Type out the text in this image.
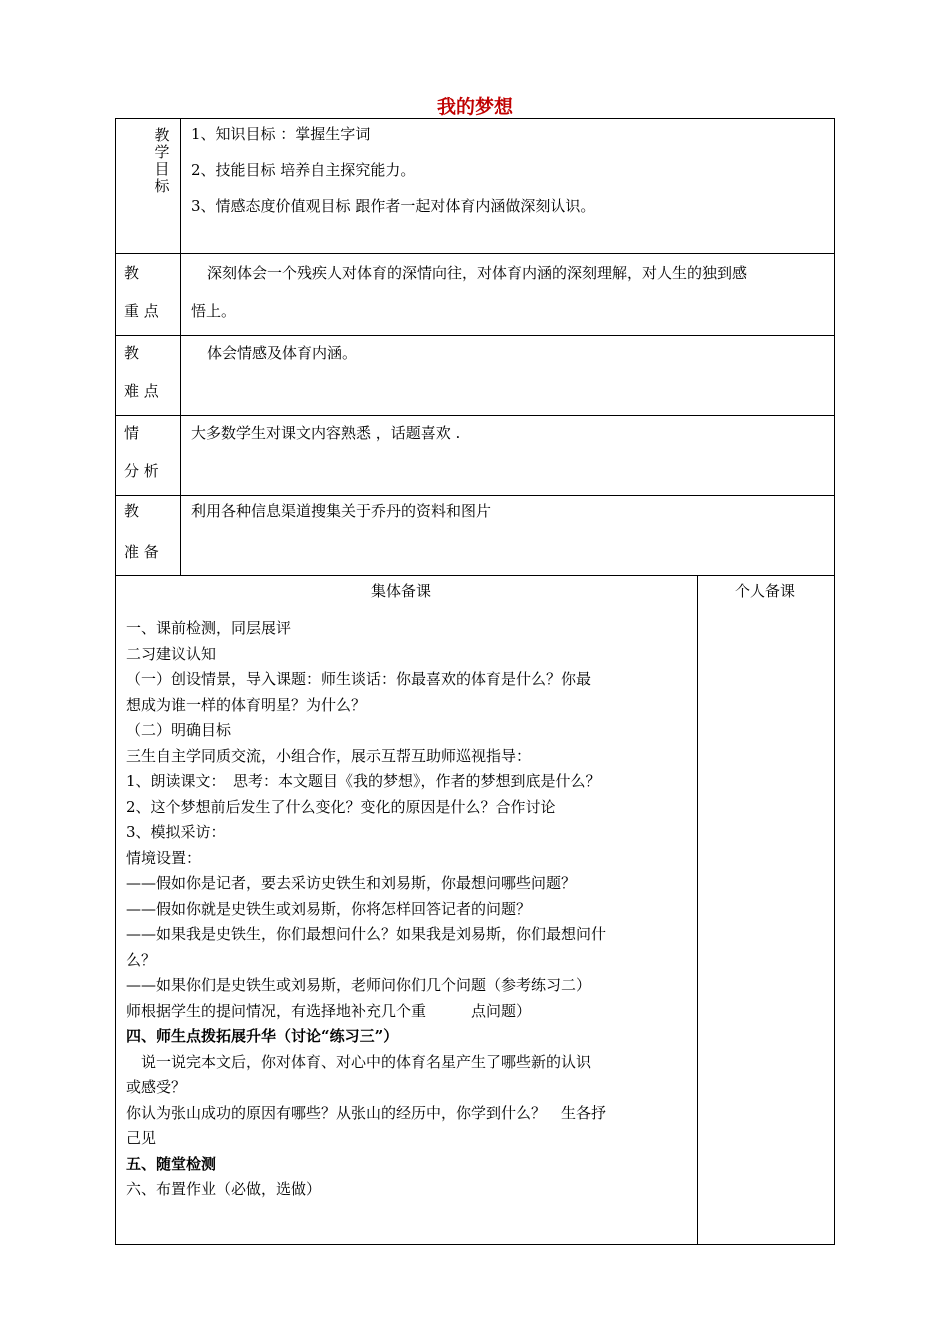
我的梦想
教学目标
1、知识目标 ：掌握生字词
2、技能目标 培养自主探究能力。
3、情感态度价值观目标 跟作者一起对体育内涵做深刻认识。
教
重 点
深刻体会一个残疾人对体育的深情向往，对体育内涵的深刻理解，对人生的独到感
悟上。
教
难 点
体会情感及体育内涵。
情
分 析
大多数学生对课文内容熟悉 ，话题喜欢 .
教
准 备
利用各种信息渠道搜集关于乔丹的资料和图片
集体备课	个人备课
一、课前检测，同层展评
二习建议认知
（一）创设情景，导入课题：师生谈话：你最喜欢的体育是什么？你最
想成为谁一样的体育明星？为什么？
（二）明确目标
三生自主学同质交流，小组合作，展示互帮互助师巡视指导：
1、朗读课文：　思考：本文题目《我的梦想》，作者的梦想到底是什么？
2、这个梦想前后发生了什么变化？变化的原因是什么？合作讨论
3、模拟采访：
情境设置：
——假如你是记者，要去采访史铁生和刘易斯，你最想问哪些问题？
——假如你就是史铁生或刘易斯，你将怎样回答记者的问题？
——如果我是史铁生，你们最想问什么？如果我是刘易斯，你们最想问什
么？
——如果你们是史铁生或刘易斯，老师问你们几个问题（参考练习二）
师根据学生的提问情况，有选择地补充几个重　　　点问题）
四、师生点拨拓展升华（讨论“练习三”）
　说一说完本文后，你对体育、对心中的体育名星产生了哪些新的认识
或感受？
你认为张山成功的原因有哪些？从张山的经历中，你学到什么？　生各抒
己见
五、随堂检测
六、布置作业（必做，选做）
